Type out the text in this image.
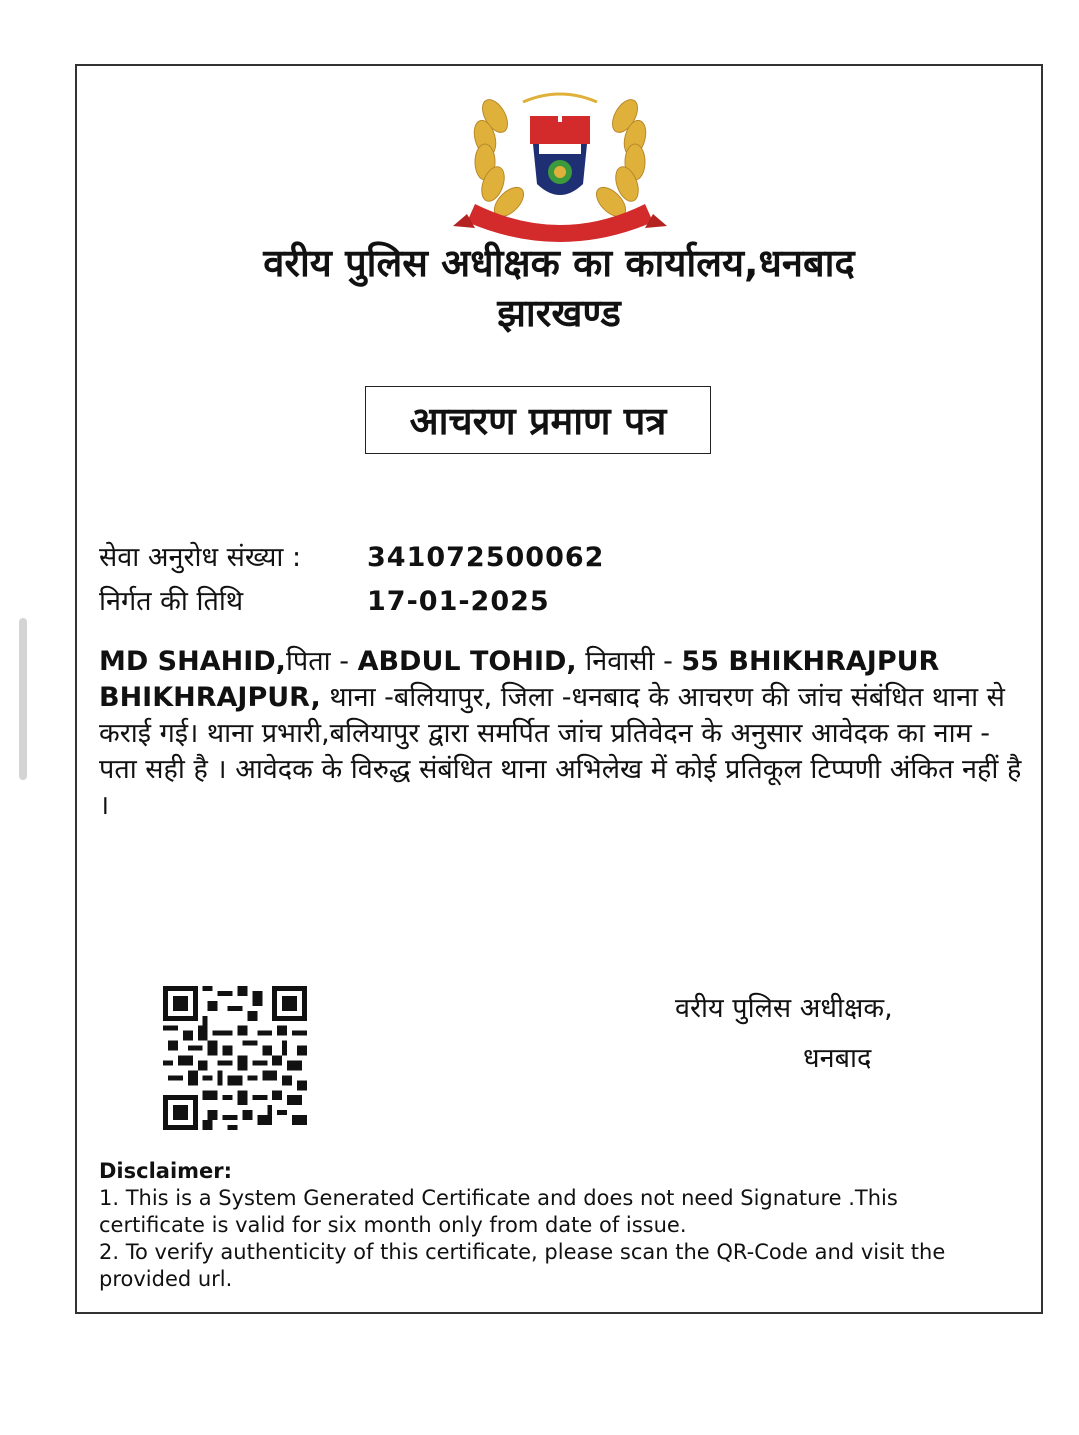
वरीय पुलिस अधीक्षक का कार्यालय,धनबाद
झारखण्ड
आचरण प्रमाण पत्र
सेवा अनुरोध संख्या :	341072500062
निर्गत की तिथि	17-01-2025
MD SHAHID,पिता - ABDUL TOHID, निवासी - 55 BHIKHRAJPUR BHIKHRAJPUR, थाना -बलियापुर, जिला -धनबाद के आचरण की जांच संबंधित थाना से कराई गई। थाना प्रभारी,बलियापुर द्वारा समर्पित जांच प्रतिवेदन के अनुसार आवेदक का नाम - पता सही है । आवेदक के विरुद्ध संबंधित थाना अभिलेख में कोई प्रतिकूल टिप्पणी अंकित नहीं है ।
वरीय पुलिस अधीक्षक,
धनबाद
Disclaimer:
1. This is a System Generated Certificate and does not need Signature .This certificate is valid for six month only from date of issue.
2. To verify authenticity of this certificate, please scan the QR-Code and visit the provided url.
